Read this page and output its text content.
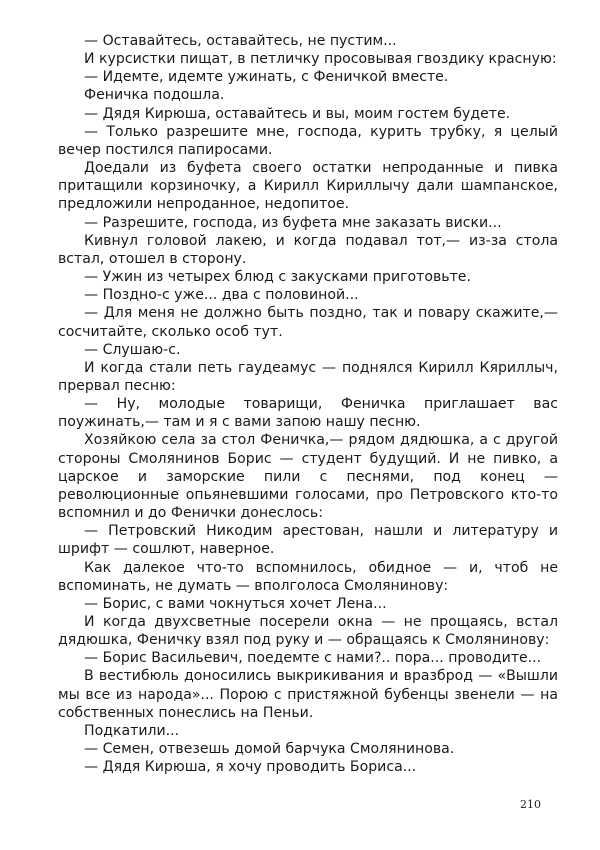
— Оставайтесь, оставайтесь, не пустим...

И курсистки пищат, в петличку просовывая гвоздику красную:

— Идемте, идемте ужинать, с Феничкой вместе.

Феничка подошла.

— Дядя Кирюша, оставайтесь и вы, моим гостем будете.

— Только разрешите мне, господа, курить трубку, я целый вечер постился папиросами.

Доедали из буфета своего остатки непроданные и пивка притащили корзиночку, а Кирилл Кириллычу дали шампанское, предложили непроданное, недопитое.

— Разрешите, господа, из буфета мне заказать виски...

Кивнул головой лакею, и когда подавал тот,— из-за стола встал, отошел в сторону.

— Ужин из четырех блюд с закусками приготовьте.

— Поздно-с уже... два с половиной...

— Для меня не должно быть поздно, так и повару скажите,— сосчитайте, сколько особ тут.

— Слушаю-с.

И когда стали петь гаудеамус — поднялся Кирилл Кяриллыч, прервал песню:

— Ну, молодые товарищи, Феничка приглашает вас поужинать,— там и я с вами запою нашу песню.

Хозяйкою села за стол Феничка,— рядом дядюшка, а с другой стороны Смолянинов Борис — студент будущий. И не пивко, а царское и заморские пили с песнями, под конец — революционные опьяневшими голосами, про Петровского кто-то вспомнил и до Фенички донеслось:

— Петровский Никодим арестован, нашли и литературу и шрифт — сошлют, наверное.

Как далекое что-то вспомнилось, обидное — и, чтоб не вспоминать, не думать — вполголоса Смолянинову:

— Борис, с вами чокнуться хочет Лена...

И когда двухсветные посерели окна — не прощаясь, встал дядюшка, Феничку взял под руку и — обращаясь к Смолянинову:

— Борис Васильевич, поедемте с нами?.. пора... проводите...

В вестибюль доносились выкрикивания и вразброд — «Вышли мы все из народа»... Порою с пристяжной бубенцы звенели — на собственных понеслись на Пеньи.

Подкатили...

— Семен, отвезешь домой барчука Смолянинова.

— Дядя Кирюша, я хочу проводить Бориса...

210
